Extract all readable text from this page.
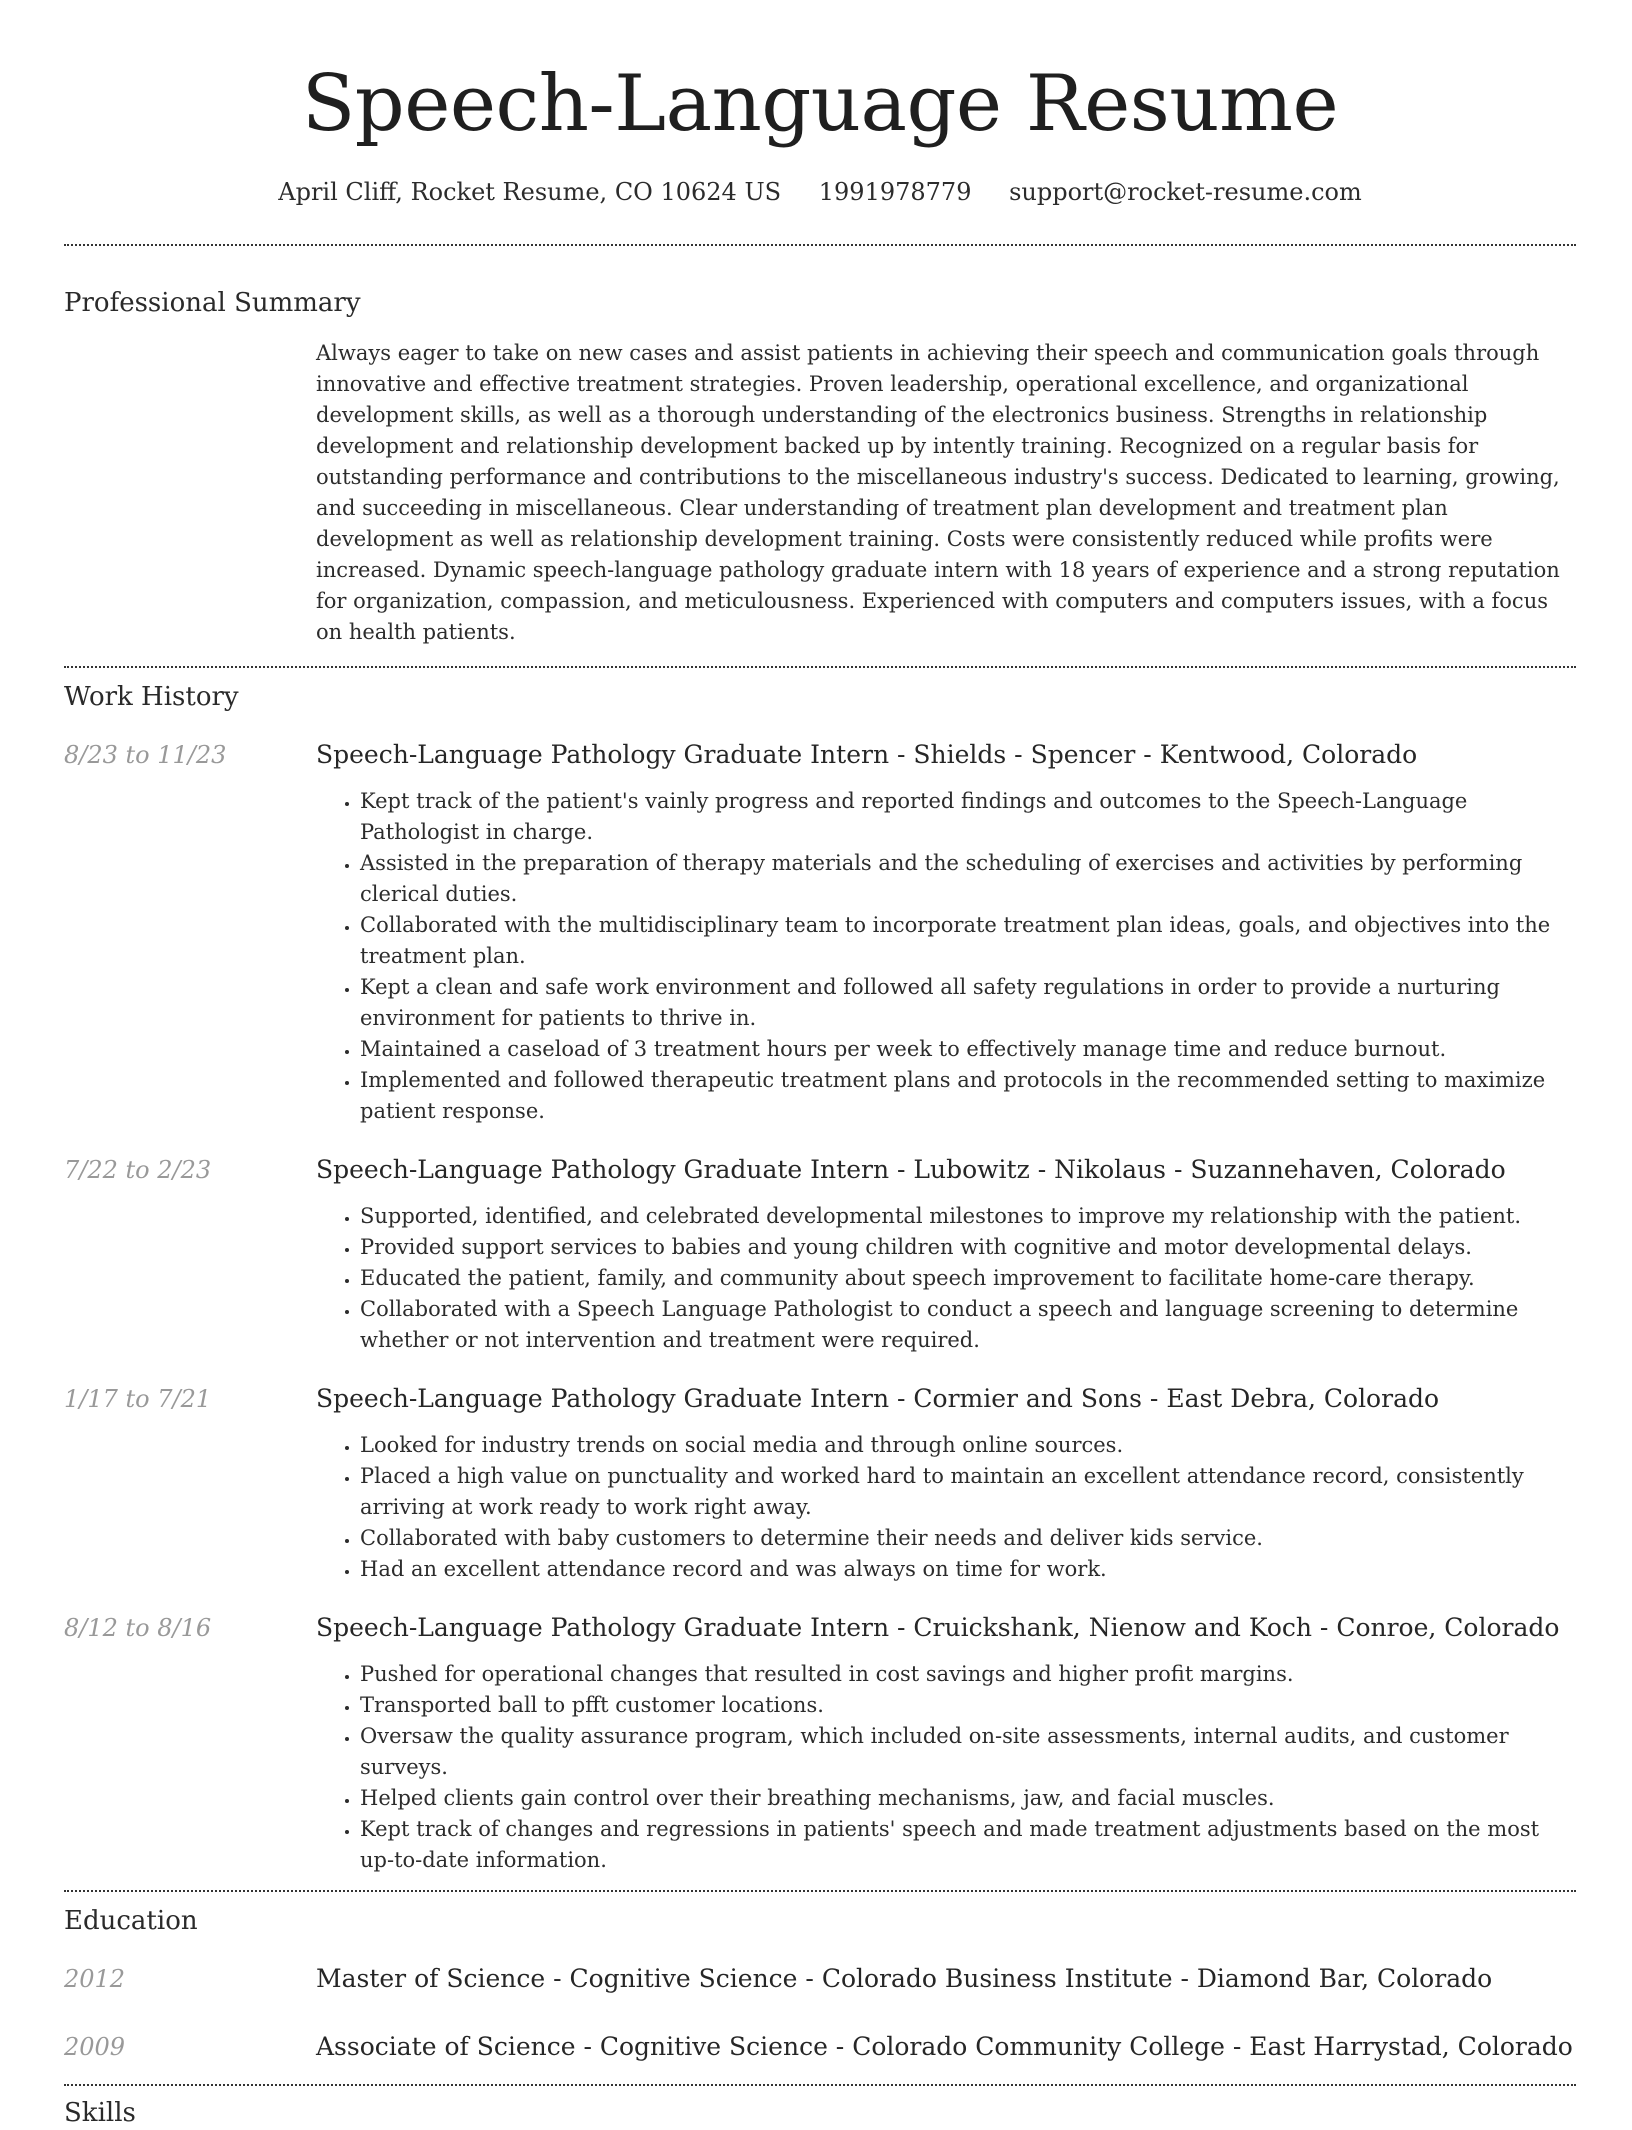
Speech-Language Resume
April Cliff, Rocket Resume, CO 10624 US 1991978779 support@rocket-resume.com
Professional Summary
Always eager to take on new cases and assist patients in achieving their speech and communication goals through innovative and effective treatment strategies. Proven leadership, operational excellence, and organizational development skills, as well as a thorough understanding of the electronics business. Strengths in relationship development and relationship development backed up by intently training. Recognized on a regular basis for outstanding performance and contributions to the miscellaneous industry's success. Dedicated to learning, growing, and succeeding in miscellaneous. Clear understanding of treatment plan development and treatment plan development as well as relationship development training. Costs were consistently reduced while profits were increased. Dynamic speech-language pathology graduate intern with 18 years of experience and a strong reputation for organization, compassion, and meticulousness. Experienced with computers and computers issues, with a focus on health patients.
Work History
8/23 to 11/23	Speech-Language Pathology Graduate Intern - Shields - Spencer - Kentwood, Colorado
• Kept track of the patient's vainly progress and reported findings and outcomes to the Speech-Language Pathologist in charge.
• Assisted in the preparation of therapy materials and the scheduling of exercises and activities by performing clerical duties.
• Collaborated with the multidisciplinary team to incorporate treatment plan ideas, goals, and objectives into the treatment plan.
• Kept a clean and safe work environment and followed all safety regulations in order to provide a nurturing environment for patients to thrive in.
• Maintained a caseload of 3 treatment hours per week to effectively manage time and reduce burnout.
• Implemented and followed therapeutic treatment plans and protocols in the recommended setting to maximize patient response.
7/22 to 2/23	Speech-Language Pathology Graduate Intern - Lubowitz - Nikolaus - Suzannehaven, Colorado
• Supported, identified, and celebrated developmental milestones to improve my relationship with the patient.
• Provided support services to babies and young children with cognitive and motor developmental delays.
• Educated the patient, family, and community about speech improvement to facilitate home-care therapy.
• Collaborated with a Speech Language Pathologist to conduct a speech and language screening to determine whether or not intervention and treatment were required.
1/17 to 7/21	Speech-Language Pathology Graduate Intern - Cormier and Sons - East Debra, Colorado
• Looked for industry trends on social media and through online sources.
• Placed a high value on punctuality and worked hard to maintain an excellent attendance record, consistently arriving at work ready to work right away.
• Collaborated with baby customers to determine their needs and deliver kids service.
• Had an excellent attendance record and was always on time for work.
8/12 to 8/16	Speech-Language Pathology Graduate Intern - Cruickshank, Nienow and Koch - Conroe, Colorado
• Pushed for operational changes that resulted in cost savings and higher profit margins.
• Transported ball to pfft customer locations.
• Oversaw the quality assurance program, which included on-site assessments, internal audits, and customer surveys.
• Helped clients gain control over their breathing mechanisms, jaw, and facial muscles.
• Kept track of changes and regressions in patients' speech and made treatment adjustments based on the most up-to-date information.
Education
2012	Master of Science - Cognitive Science - Colorado Business Institute - Diamond Bar, Colorado
2009	Associate of Science - Cognitive Science - Colorado Community College - East Harrystad, Colorado
Skills
